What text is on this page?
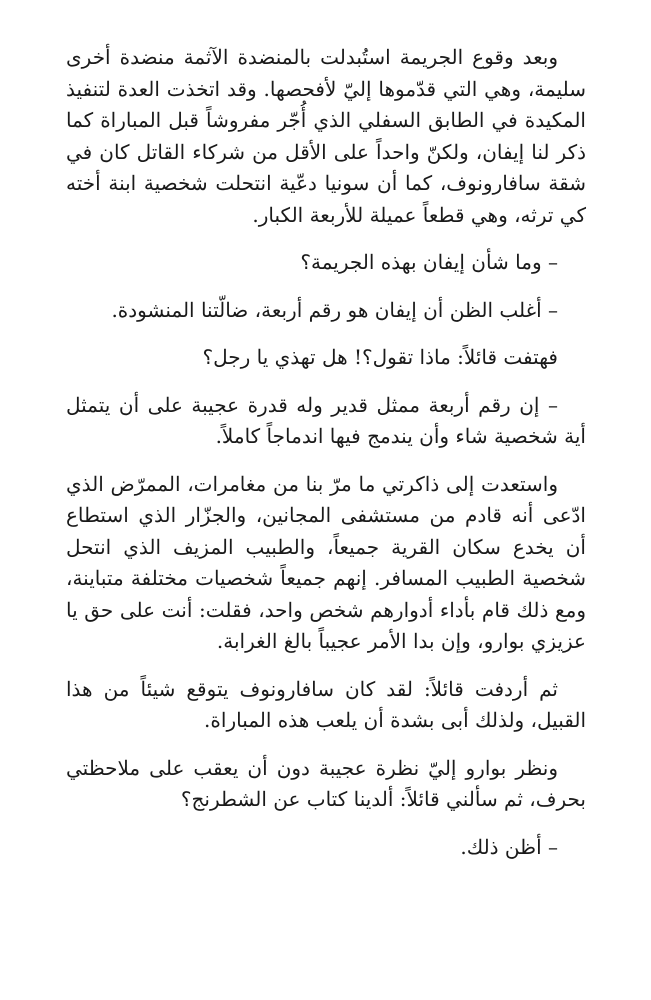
وبعد وقوع الجريمة استُبدلت بالمنضدة الآثمة منضدة أخرى سليمة، وهي التي قدّموها إليّ لأفحصها. وقد اتخذت العدة لتنفيذ المكيدة في الطابق السفلي الذي أُجّر مفروشاً قبل المباراة كما ذكر لنا إيفان، ولكنّ واحداً على الأقل من شركاء القاتل كان في شقة سافارونوف، كما أن سونيا دعّية انتحلت شخصية ابنة أخته كي ترثه، وهي قطعاً عميلة للأربعة الكبار.

– وما شأن إيفان بهذه الجريمة؟

– أغلب الظن أن إيفان هو رقم أربعة، ضالّتنا المنشودة.

فهتفت قائلاً: ماذا تقول؟! هل تهذي يا رجل؟

– إن رقم أربعة ممثل قدير وله قدرة عجيبة على أن يتمثل أية شخصية شاء وأن يندمج فيها اندماجاً كاملاً.

واستعدت إلى ذاكرتي ما مرّ بنا من مغامرات، الممرّض الذي ادّعى أنه قادم من مستشفى المجانين، والجزّار الذي استطاع أن يخدع سكان القرية جميعاً، والطبيب المزيف الذي انتحل شخصية الطبيب المسافر. إنهم جميعاً شخصيات مختلفة متباينة، ومع ذلك قام بأداء أدوارهم شخص واحد، فقلت: أنت على حق يا عزيزي بوارو، وإن بدا الأمر عجيباً بالغ الغرابة.

ثم أردفت قائلاً: لقد كان سافارونوف يتوقع شيئاً من هذا القبيل، ولذلك أبى بشدة أن يلعب هذه المباراة.

ونظر بوارو إليّ نظرة عجيبة دون أن يعقب على ملاحظتي بحرف، ثم سألني قائلاً: ألدينا كتاب عن الشطرنج؟

– أظن ذلك.
